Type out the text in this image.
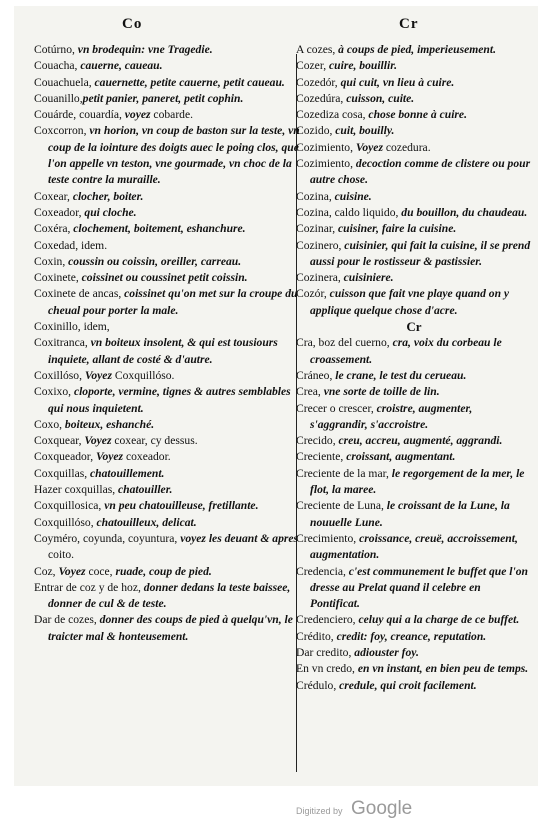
Co	Cr
Cotúrno, vn brodequin: vne Tragedie.
Couacha, cauerne, caueau.
Couachuela, cauernette, petite cauerne, petit caueau.
Couanillo,petit panier, paneret, petit cophin.
Couárde, couardía, voyez cobarde.
Coxcorron, vn horion, vn coup de baston sur la teste, vn coup de la iointure des doigts auec le poing clos, que l'on appelle vn teston, vne gourmade, vn choc de la teste contre la muraille.
Coxear, clocher, boiter.
Coxeador, qui cloche.
Coxéra, clochement, boitement, eshanchure.
Coxedad, idem.
Coxin, coussin ou coissin, oreiller, carreau.
Coxinete, coissinet ou coussinet petit coissin.
Coxinete de ancas, coissinet qu'on met sur la croupe du cheual pour porter la male.
Coxinillo, idem,
Coxitranca, vn boiteux insolent, & qui est tousiours inquiete, allant de costé & d'autre.
Coxillóso, Voyez Coxquillóso.
Coxixo, cloporte, vermine, tignes & autres semblables qui nous inquietent.
Coxo, boiteux, eshanché.
Coxquear, Voyez coxear, cy dessus.
Coxqueador, Voyez coxeador.
Coxquillas, chatouillement.
Hazer coxquillas, chatouiller.
Coxquillosica, vn peu chatouilleuse, fretillante.
Coxquillóso, chatouilleux, delicat.
Coyméro, coyunda, coyuntura, voyez les deuant & apres coito.
Coz, Voyez coce, ruade, coup de pied.
Entrar de coz y de hoz, donner dedans la teste baissee, donner de cul & de teste.
Dar de cozes, donner des coups de pied à quelqu'vn, le traicter mal & honteusement.
A cozes, à coups de pied, imperieusement.
Cozer, cuire, bouillir.
Cozedór, qui cuit, vn lieu à cuire.
Cozedúra, cuisson, cuite.
Cozediza cosa, chose bonne à cuire.
Cozido, cuit, bouilly.
Cozimiento, Voyez cozedura.
Cozimiento, decoction comme de clistere ou pour autre chose.
Cozina, cuisine.
Cozina, caldo liquido, du bouillon, du chaudeau.
Cozinar, cuisiner, faire la cuisine.
Cozinero, cuisinier, qui fait la cuisine, il se prend aussi pour le rostisseur & pastissier.
Cozinera, cuisiniere.
Cozór, cuisson que fait vne playe quand on y applique quelque chose d'acre.
Cr
Cra, boz del cuerno, cra, voix du corbeau le croassement.
Cráneo, le crane, le test du cerueau.
Crea, vne sorte de toille de lin.
Crecer o crescer, croistre, augmenter, s'aggrandir, s'accroistre.
Crecido, creu, accreu, augmenté, aggrandi.
Creciente, croissant, augmentant.
Creciente de la mar, le regorgement de la mer, le flot, la maree.
Creciente de Luna, le croissant de la Lune, la nouuelle Lune.
Crecimiento, croissance, creuë, accroissement, augmentation.
Credencia, c'est communement le buffet que l'on dresse au Prelat quand il celebre en Pontificat.
Credenciero, celuy qui a la charge de ce buffet.
Crédito, credit: foy, creance, reputation.
Dar credito, adiouster foy.
En vn credo, en vn instant, en bien peu de temps.
Crédulo, credule, qui croit facilement.
Digitized by Google
